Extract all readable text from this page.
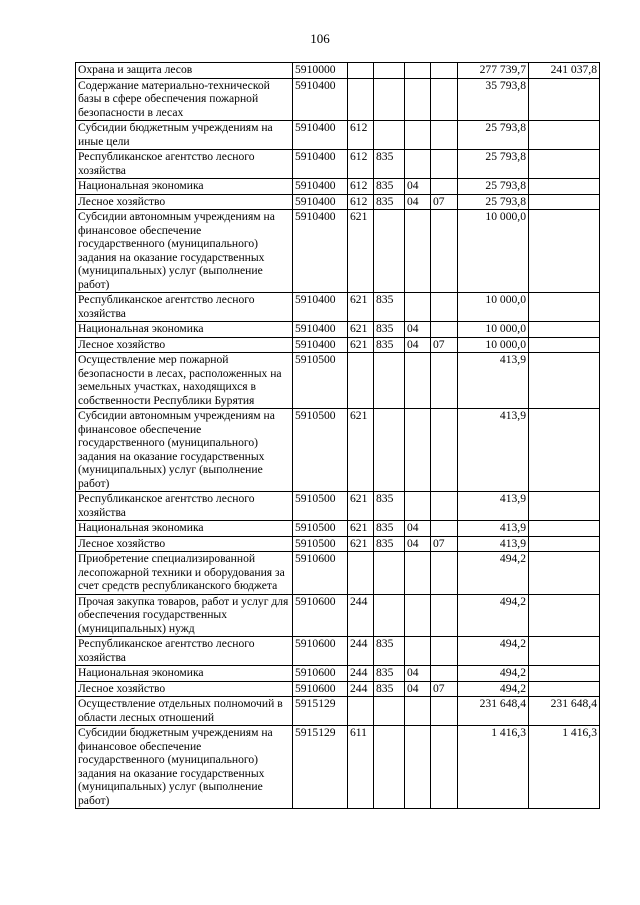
106
Охрана и защита лесов	5910000					277 739,7	241 037,8
Содержание материально-технической базы в сфере обеспечения пожарной безопасности в лесах	5910400					35 793,8	
Субсидии бюджетным учреждениям на иные цели	5910400	612				25 793,8	
Республиканское агентство лесного хозяйства	5910400	612	835			25 793,8	
Национальная экономика	5910400	612	835	04		25 793,8	
Лесное хозяйство	5910400	612	835	04	07	25 793,8	
Субсидии автономным учреждениям на финансовое обеспечение государственного (муниципального) задания на оказание государственных (муниципальных) услуг (выполнение работ)	5910400	621				10 000,0	
Республиканское агентство лесного хозяйства	5910400	621	835			10 000,0	
Национальная экономика	5910400	621	835	04		10 000,0	
Лесное хозяйство	5910400	621	835	04	07	10 000,0	
Осуществление мер пожарной безопасности в лесах, расположенных на земельных участках, находящихся в собственности Республики Бурятия	5910500					413,9	
Субсидии автономным учреждениям на финансовое обеспечение государственного (муниципального) задания на оказание государственных (муниципальных) услуг (выполнение работ)	5910500	621				413,9	
Республиканское агентство лесного хозяйства	5910500	621	835			413,9	
Национальная экономика	5910500	621	835	04		413,9	
Лесное хозяйство	5910500	621	835	04	07	413,9	
Приобретение специализированной лесопожарной техники и оборудования за счет средств республиканского бюджета	5910600					494,2	
Прочая закупка товаров, работ и услуг для обеспечения государственных (муниципальных) нужд	5910600	244				494,2	
Республиканское агентство лесного хозяйства	5910600	244	835			494,2	
Национальная экономика	5910600	244	835	04		494,2	
Лесное хозяйство	5910600	244	835	04	07	494,2	
Осуществление отдельных полномочий в области лесных отношений	5915129					231 648,4	231 648,4
Субсидии бюджетным учреждениям на финансовое обеспечение государственного (муниципального) задания на оказание государственных (муниципальных) услуг (выполнение работ)	5915129	611				1 416,3	1 416,3
